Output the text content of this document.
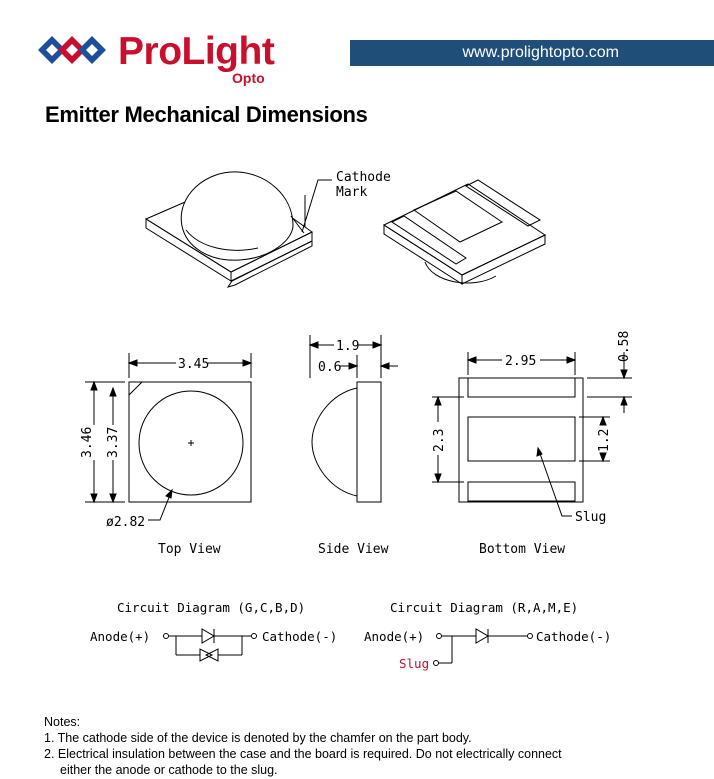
ProLight
Opto
www.prolightopto.com
Emitter Mechanical Dimensions
Cathode
Mark
3.45
3.46 3.37
ø2.82
Top View
1.9
0.6
Side View
2.95	0.58
2.3	1.2
Slug
Bottom View
Circuit Diagram (G,C,B,D)
Anode(+)	Cathode(-)
Circuit Diagram (R,A,M,E)
Anode(+)	Cathode(-)
Slug
Notes:
1. The cathode side of the device is denoted by the chamfer on the part body.
2. Electrical insulation between the case and the board is required. Do not electrically connect
either the anode or cathode to the slug.
